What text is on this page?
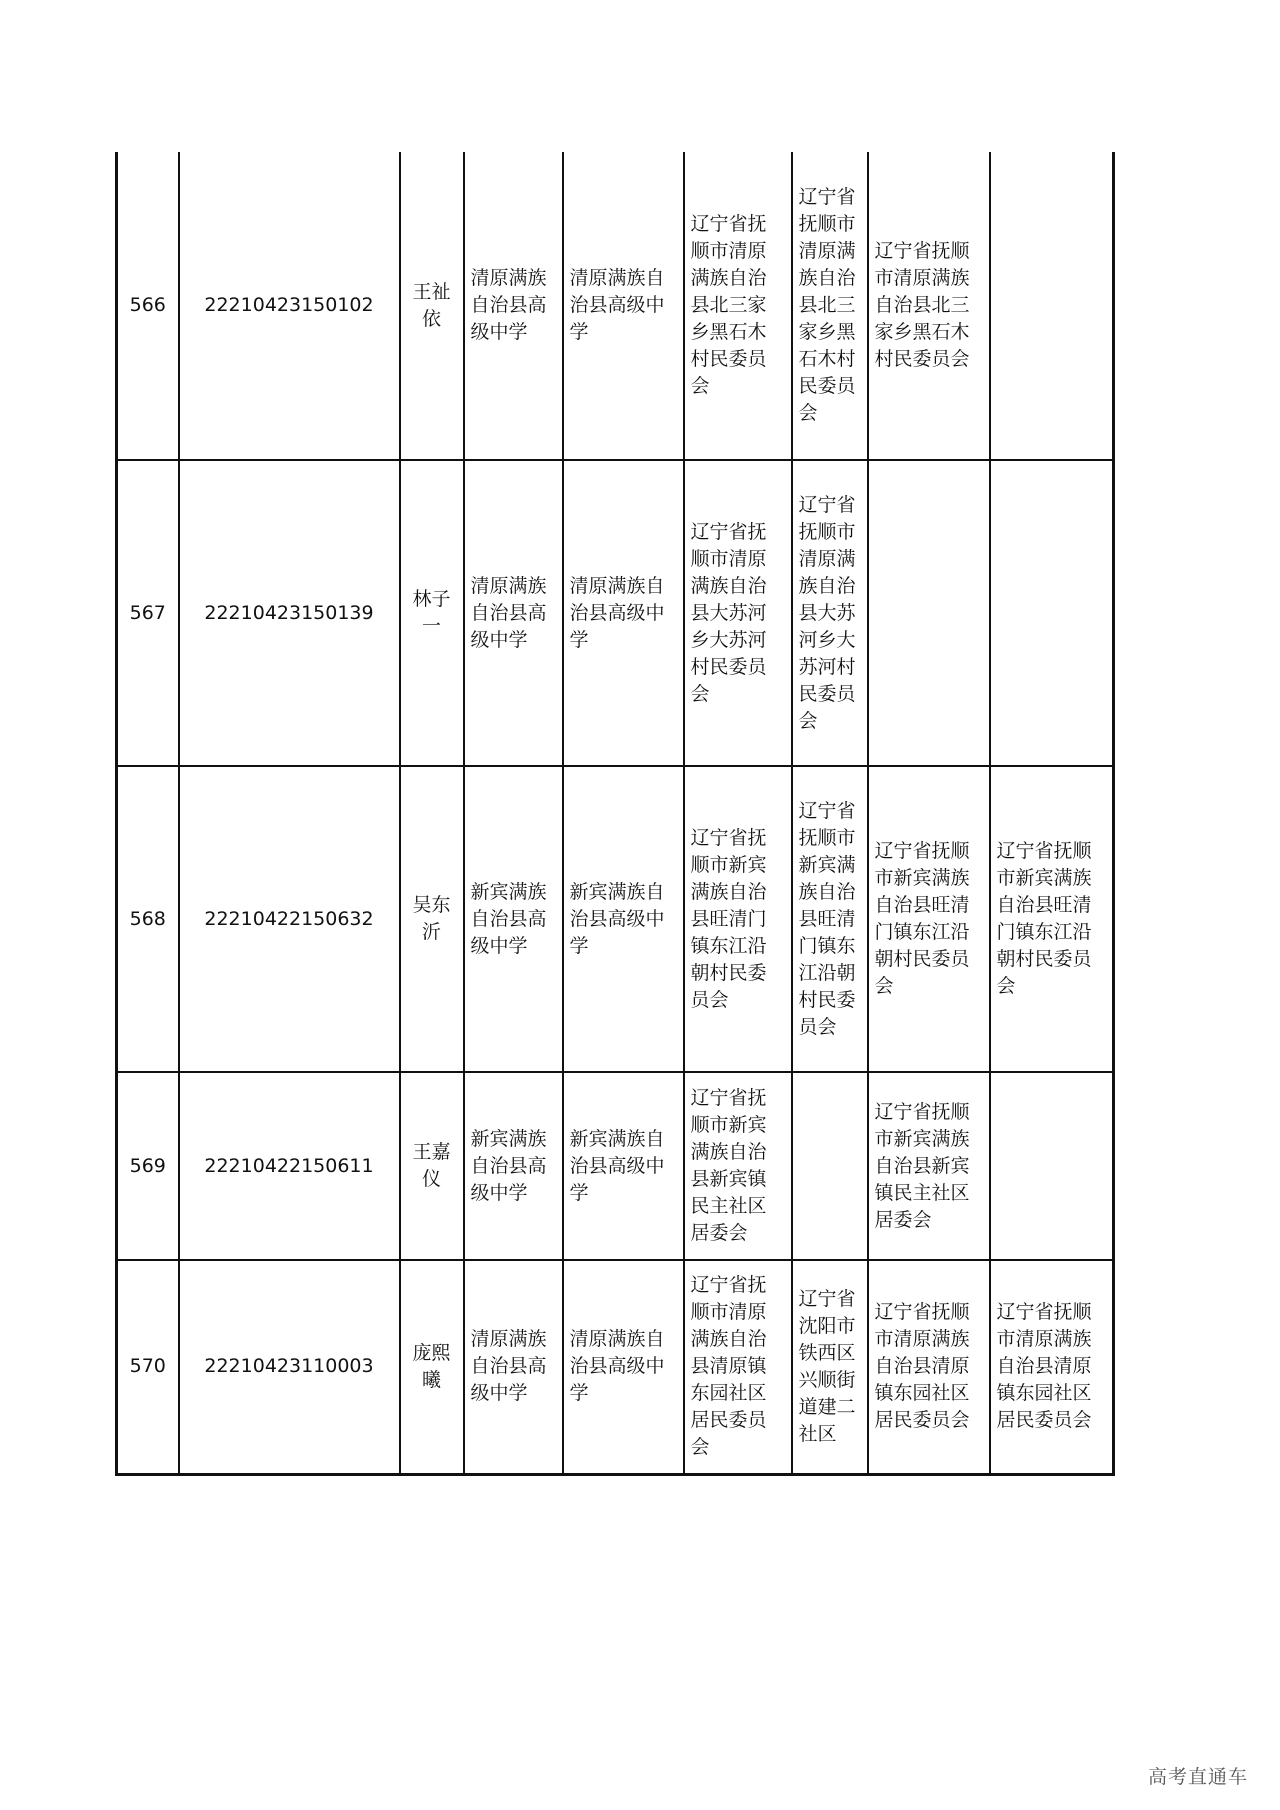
566	22210423150102	王祉依	清原满族自治县高级中学	清原满族自治县高级中学	辽宁省抚顺市清原满族自治县北三家乡黑石木村民委员会	辽宁省抚顺市清原满族自治县北三家乡黑石木村民委员会	辽宁省抚顺市清原满族自治县北三家乡黑石木村民委员会	
567	22210423150139	林子一	清原满族自治县高级中学	清原满族自治县高级中学	辽宁省抚顺市清原满族自治县大苏河乡大苏河村民委员会	辽宁省抚顺市清原满族自治县大苏河乡大苏河村民委员会		
568	22210422150632	吴东沂	新宾满族自治县高级中学	新宾满族自治县高级中学	辽宁省抚顺市新宾满族自治县旺清门镇东江沿朝村民委员会	辽宁省抚顺市新宾满族自治县旺清门镇东江沿朝村民委员会	辽宁省抚顺市新宾满族自治县旺清门镇东江沿朝村民委员会	辽宁省抚顺市新宾满族自治县旺清门镇东江沿朝村民委员会
569	22210422150611	王嘉仪	新宾满族自治县高级中学	新宾满族自治县高级中学	辽宁省抚顺市新宾满族自治县新宾镇民主社区居委会		辽宁省抚顺市新宾满族自治县新宾镇民主社区居委会	
570	22210423110003	庞熙曦	清原满族自治县高级中学	清原满族自治县高级中学	辽宁省抚顺市清原满族自治县清原镇东园社区居民委员会	辽宁省沈阳市铁西区兴顺街道建二社区	辽宁省抚顺市清原满族自治县清原镇东园社区居民委员会	辽宁省抚顺市清原满族自治县清原镇东园社区居民委员会
高考直通车
